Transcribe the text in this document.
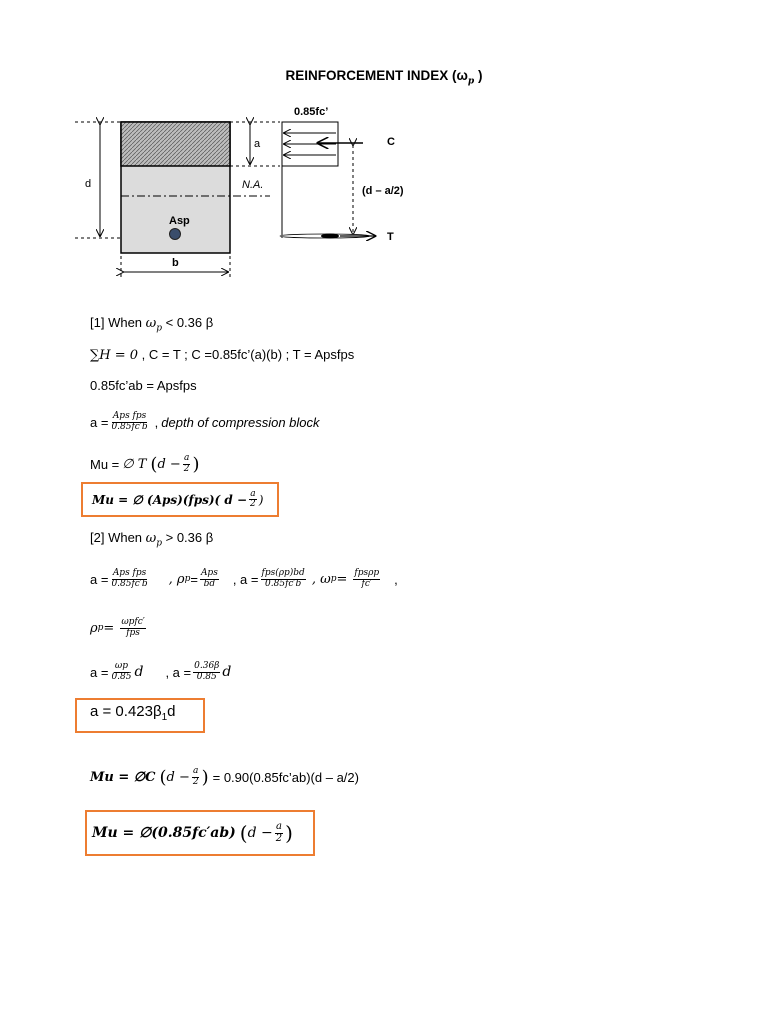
REINFORCEMENT INDEX ($\omega_p$ )
0.85fc’
a	C
d	N.A.	(d – a/2)
Asp
T
b
[1] When $\omega_p < 0.36$ β
∑H = 0 , C = T ; C =0.85fc’(a)(b) ; T = Apsfps
0.85fc’ab = Apsfps
$a = \frac{\text{Aps fps}}{0.85fc'b}$ , depth of compression block
Mu = ∅ T ( $d - \frac{a}{2}$ )
Mu = ∅ (Aps)(fps)( $d - \frac{a}{2}$ )
[2] When $\omega_p > 0.36$ β
$a = \frac{\text{Aps fps}}{0.85fc'b}$ , ρ $p = \frac{\text{Aps}}{bd}$ , $a = \frac{\text{fps(ρp)bd}}{0.85fc'b}$ , ω $p = \frac{\text{fpsρp}}{fc'}$ ,
ρ $p = \frac{\text{ωpfc′}}{\text{fps}}$
$a = \frac{\omega p}{0.85}$ d , $a = \frac{0.36\beta}{0.85}$ d
$a = 0.423\beta_1d$
Mu = ∅C ( $d - \frac{a}{2}$ ) = 0.90(0.85fc’ab)(d – a/2)
Mu = ∅(0.85fc′ab) ( $d - \frac{a}{2}$ )
